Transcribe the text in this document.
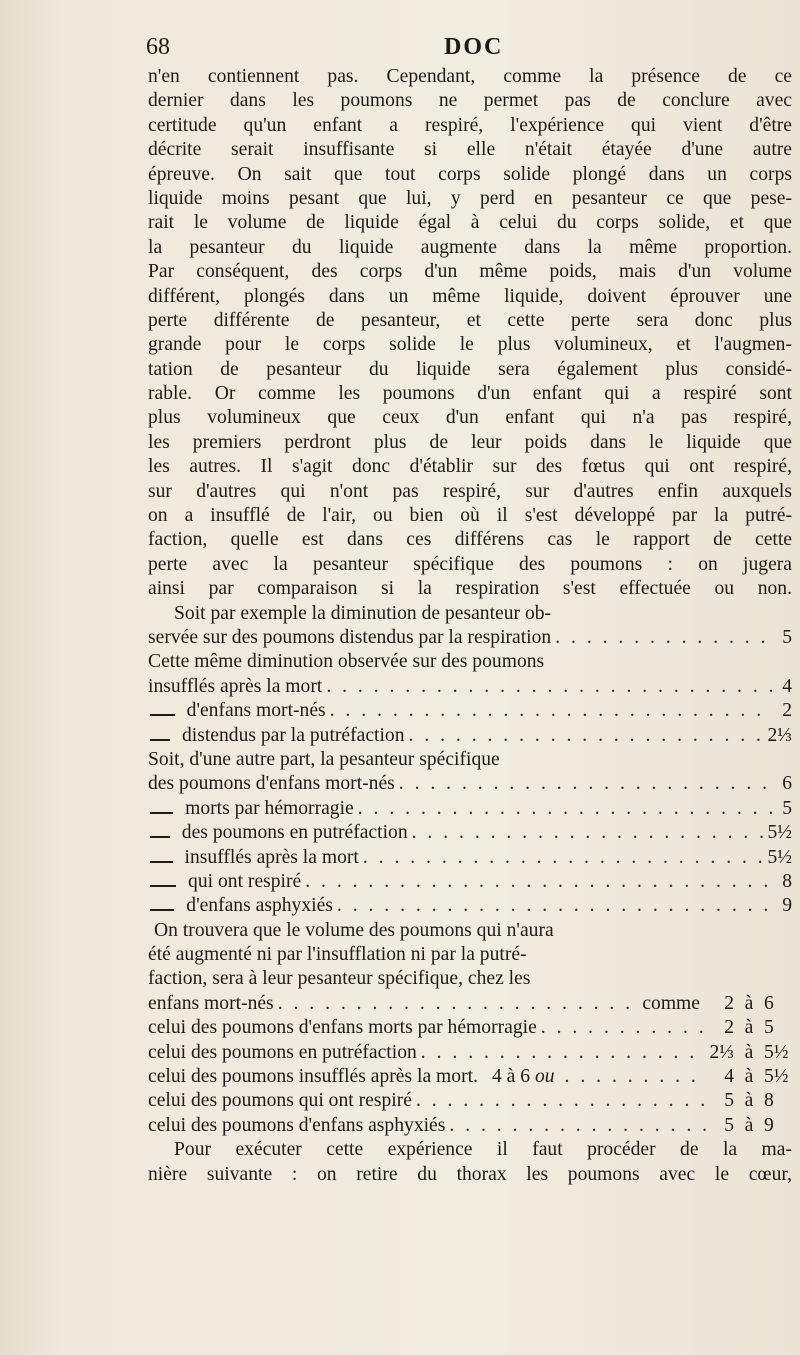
68	DOC
n'en contiennent pas. Cependant, comme la présence de ce
dernier dans les poumons ne permet pas de conclure avec
certitude qu'un enfant a respiré, l'expérience qui vient d'être
décrite serait insuffisante si elle n'était étayée d'une autre
épreuve. On sait que tout corps solide plongé dans un corps
liquide moins pesant que lui, y perd en pesanteur ce que pese-
rait le volume de liquide égal à celui du corps solide, et que
la pesanteur du liquide augmente dans la même proportion.
Par conséquent, des corps d'un même poids, mais d'un volume
différent, plongés dans un même liquide, doivent éprouver une
perte différente de pesanteur, et cette perte sera donc plus
grande pour le corps solide le plus volumineux, et l'augmen-
tation de pesanteur du liquide sera également plus considé-
rable. Or comme les poumons d'un enfant qui a respiré sont
plus volumineux que ceux d'un enfant qui n'a pas respiré,
les premiers perdront plus de leur poids dans le liquide que
les autres. Il s'agit donc d'établir sur des fœtus qui ont respiré,
sur d'autres qui n'ont pas respiré, sur d'autres enfin auxquels
on a insufflé de l'air, ou bien où il s'est développé par la putré-
faction, quelle est dans ces différens cas le rapport de cette
perte avec la pesanteur spécifique des poumons : on jugera
ainsi par comparaison si la respiration s'est effectuée ou non.
Soit par exemple la diminution de pesanteur ob-
servée sur des poumons distendus par la respiration . . .	5
Cette même diminution observée sur des poumons
insufflés après la mort . . .	4
d'enfans mort-nés . . .	2
distendus par la putréfaction . . .	2⅓
Soit, d'une autre part, la pesanteur spécifique
des poumons d'enfans mort-nés . . .	6
morts par hémorragie . . .	5
des poumons en putréfaction . . .	5½
insufflés après la mort . . .	5½
qui ont respiré . . .	8
d'enfans asphyxiés . . .	9
On trouvera que le volume des poumons qui n'aura
été augmenté ni par l'insufflation ni par la putré-
faction, sera à leur pesanteur spécifique, chez les
enfans mort-nés . . .	comme	2 à 6
celui des poumons d'enfans morts par hémorragie . . .	2 à 5
celui des poumons en putréfaction . . .	2⅓ à 5½
celui des poumons insufflés après la mort. 4 à 6 ou . . .	4 à 5½
celui des poumons qui ont respiré . . .	5 à 8
celui des poumons d'enfans asphyxiés . . .	5 à 9
Pour exécuter cette expérience il faut procéder de la ma-
nière suivante : on retire du thorax les poumons avec le cœur,
